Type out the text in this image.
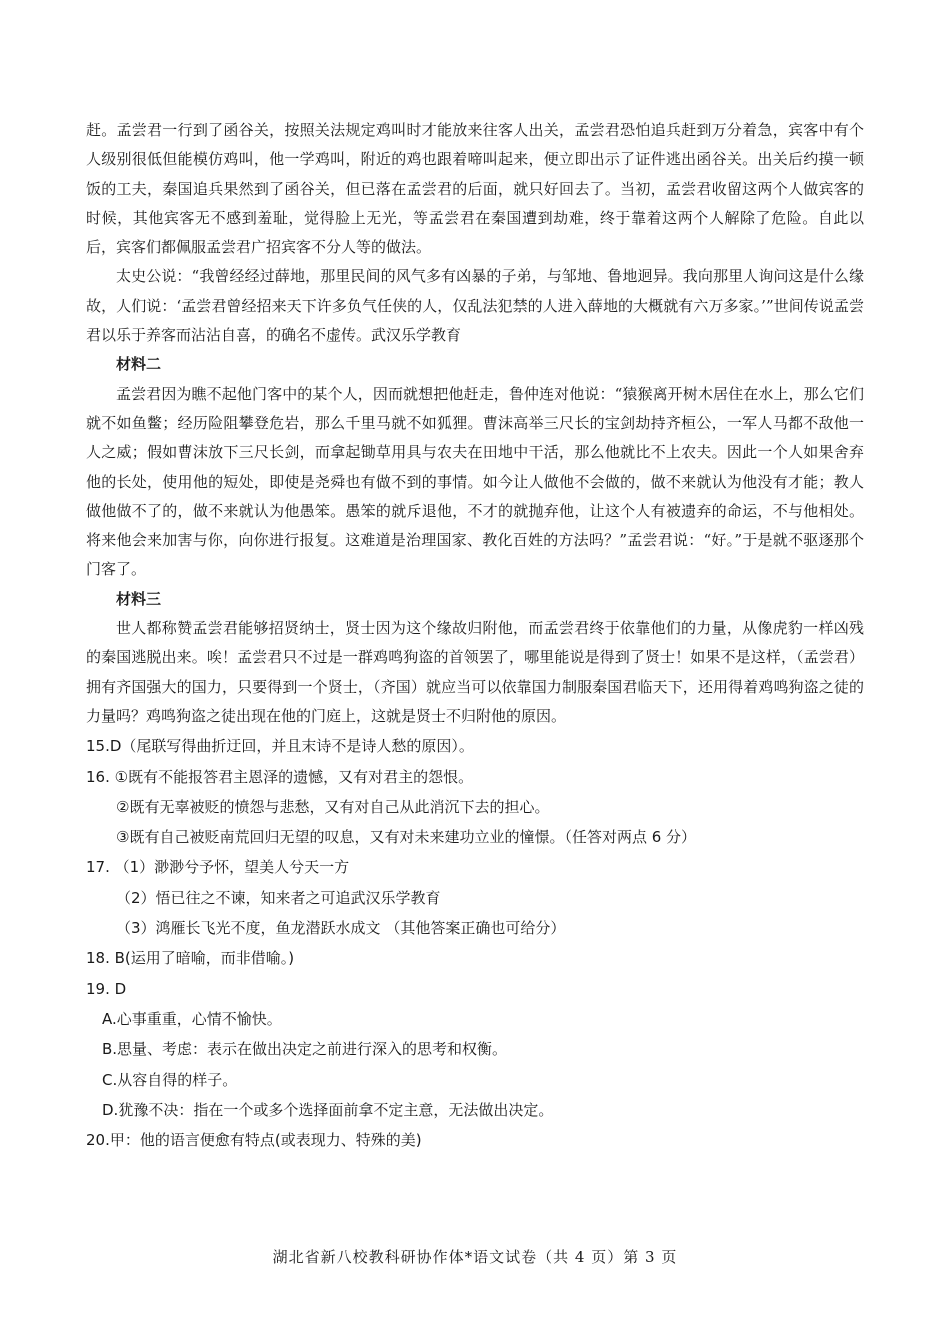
赶。孟尝君一行到了函谷关，按照关法规定鸡叫时才能放来往客人出关，孟尝君恐怕追兵赶到万分着急，宾客中有个人级别很低但能模仿鸡叫，他一学鸡叫，附近的鸡也跟着啼叫起来，便立即出示了证件逃出函谷关。出关后约摸一顿饭的工夫，秦国追兵果然到了函谷关，但已落在孟尝君的后面，就只好回去了。当初，孟尝君收留这两个人做宾客的时候，其他宾客无不感到羞耻，觉得脸上无光，等孟尝君在秦国遭到劫难，终于靠着这两个人解除了危险。自此以后，宾客们都佩服孟尝君广招宾客不分人等的做法。

太史公说：“我曾经经过薛地，那里民间的风气多有凶暴的子弟，与邹地、鲁地迥异。我向那里人询问这是什么缘故，人们说：‘孟尝君曾经招来天下许多负气任侠的人，仅乱法犯禁的人进入薛地的大概就有六万多家。’”世间传说孟尝君以乐于养客而沾沾自喜，的确名不虚传。武汉乐学教育

材料二

孟尝君因为瞧不起他门客中的某个人，因而就想把他赶走，鲁仲连对他说：“猿猴离开树木居住在水上，那么它们就不如鱼鳖；经历险阻攀登危岩，那么千里马就不如狐狸。曹沫高举三尺长的宝剑劫持齐桓公，一军人马都不敌他一人之威；假如曹沫放下三尺长剑，而拿起锄草用具与农夫在田地中干活，那么他就比不上农夫。因此一个人如果舍弃他的长处，使用他的短处，即使是尧舜也有做不到的事情。如今让人做他不会做的，做不来就认为他没有才能；教人做他做不了的，做不来就认为他愚笨。愚笨的就斥退他，不才的就抛弃他，让这个人有被遗弃的命运，不与他相处。将来他会来加害与你，向你进行报复。这难道是治理国家、教化百姓的方法吗？”孟尝君说：“好。”于是就不驱逐那个门客了。

材料三

世人都称赞孟尝君能够招贤纳士，贤士因为这个缘故归附他，而孟尝君终于依靠他们的力量，从像虎豹一样凶残的秦国逃脱出来。唉！孟尝君只不过是一群鸡鸣狗盗的首领罢了，哪里能说是得到了贤士！如果不是这样，（孟尝君）拥有齐国强大的国力，只要得到一个贤士，（齐国）就应当可以依靠国力制服秦国君临天下，还用得着鸡鸣狗盗之徒的力量吗？鸡鸣狗盗之徒出现在他的门庭上，这就是贤士不归附他的原因。

15.D（尾联写得曲折迂回，并且末诗不是诗人愁的原因）。

16. ①既有不能报答君主恩泽的遗憾，又有对君主的怨恨。

②既有无辜被贬的愤怨与悲愁，又有对自己从此消沉下去的担心。

③既有自己被贬南荒回归无望的叹息，又有对未来建功立业的憧憬。（任答对两点 6 分）

17. （1）渺渺兮予怀，望美人兮天一方

（2）悟已往之不谏，知来者之可追武汉乐学教育

（3）鸿雁长飞光不度，鱼龙潜跃水成文 （其他答案正确也可给分）

18. B(运用了暗喻，而非借喻。)

19. D

A.心事重重，心情不愉快。

B.思量、考虑：表示在做出决定之前进行深入的思考和权衡。

C.从容自得的样子。

D.犹豫不决：指在一个或多个选择面前拿不定主意，无法做出决定。

20.甲：他的语言便愈有特点(或表现力、特殊的美)

湖北省新八校教科研协作体*语文试卷（共 4 页）第 3 页
